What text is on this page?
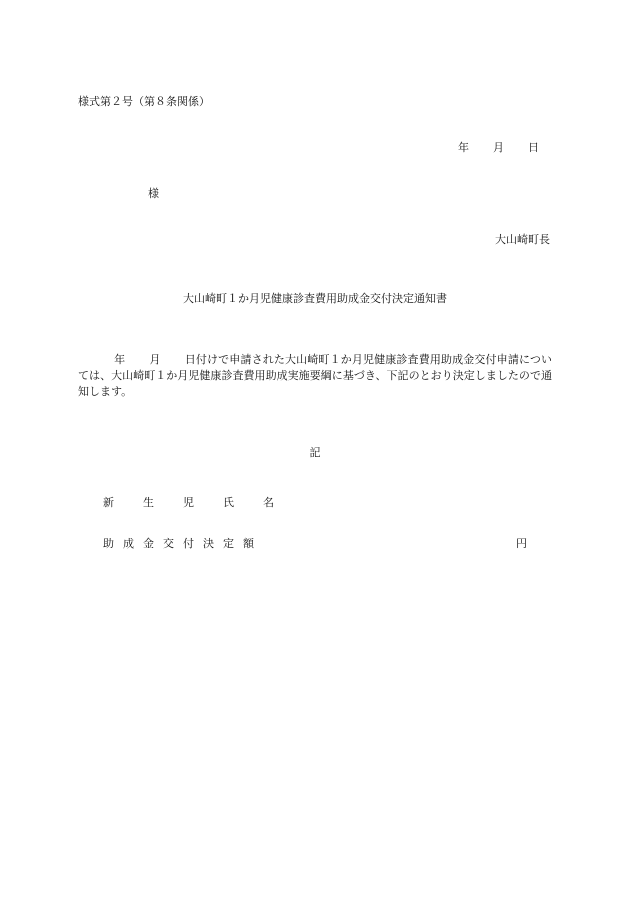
様式第２号（第８条関係）
年 月 日
様
大山崎町長
大山崎町１か月児健康診査費用助成金交付決定通知書
年 月 日付けで申請された大山崎町１か月児健康診査費用助成金交付申請については、大山崎町１か月児健康診査費用助成実施要綱に基づき、下記のとおり決定しましたので通知します。
記
新	生	児	氏	名
助 成 金 交 付 決 定 額	円
